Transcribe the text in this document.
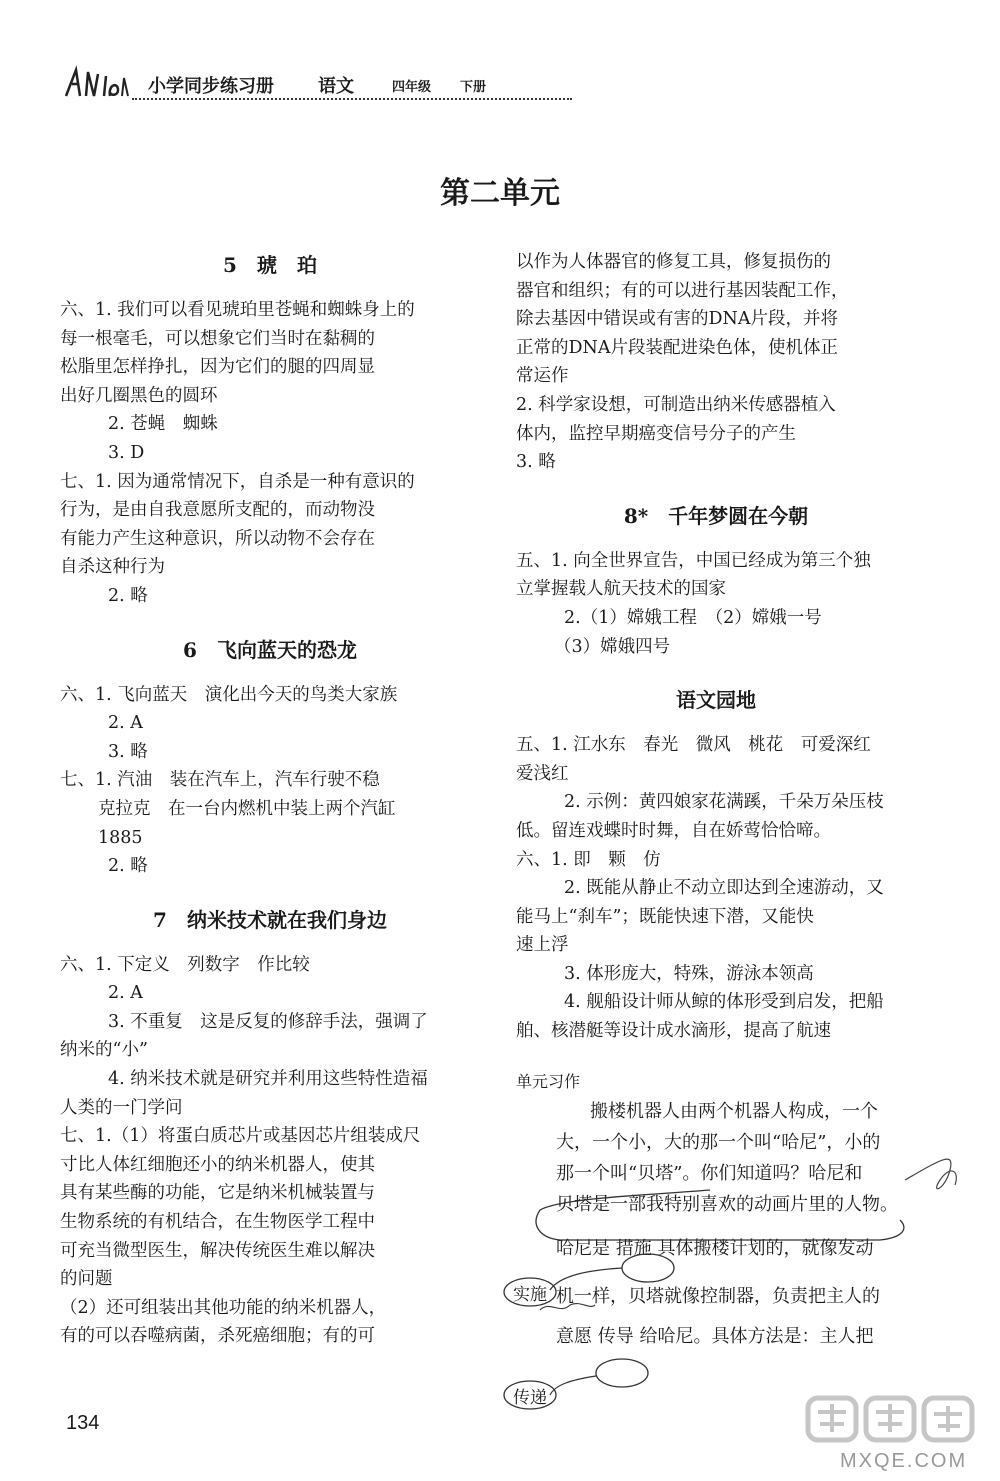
小学同步练习册 语文	四年级 下册
第二单元
5　琥　珀

六、1. 我们可以看见琥珀里苍蝇和蜘蛛身上的

每一根毫毛，可以想象它们当时在黏稠的

松脂里怎样挣扎，因为它们的腿的四周显

出好几圈黑色的圆环

2. 苍蝇　蜘蛛

3. D

七、1. 因为通常情况下，自杀是一种有意识的

行为，是由自我意愿所支配的，而动物没

有能力产生这种意识，所以动物不会存在

自杀这种行为

2. 略

6　飞向蓝天的恐龙

六、1. 飞向蓝天　演化出今天的鸟类大家族

2. A

3. 略

七、1. 汽油　装在汽车上，汽车行驶不稳

克拉克　在一台内燃机中装上两个汽缸

1885

2. 略

7　纳米技术就在我们身边

六、1. 下定义　列数字　作比较

2. A

3. 不重复　这是反复的修辞手法，强调了

纳米的“小”

4. 纳米技术就是研究并利用这些特性造福

人类的一门学问

七、1.（1）将蛋白质芯片或基因芯片组装成尺

寸比人体红细胞还小的纳米机器人，使其

具有某些酶的功能，它是纳米机械装置与

生物系统的有机结合，在生物医学工程中

可充当微型医生，解决传统医生难以解决

的问题

（2）还可组装出其他功能的纳米机器人，

有的可以吞噬病菌，杀死癌细胞；有的可

以作为人体器官的修复工具，修复损伤的

器官和组织；有的可以进行基因装配工作，

除去基因中错误或有害的DNA片段，并将

正常的DNA片段装配进染色体，使机体正

常运作

2. 科学家设想，可制造出纳米传感器植入

体内，监控早期癌变信号分子的产生

3. 略

8*　千年梦圆在今朝

五、1. 向全世界宣告，中国已经成为第三个独

立掌握载人航天技术的国家

2.（1）嫦娥工程　（2）嫦娥一号

（3）嫦娥四号

语文园地

五、1. 江水东　春光　微风　桃花　可爱深红

爱浅红

2. 示例：黄四娘家花满蹊，千朵万朵压枝

低。留连戏蝶时时舞，自在娇莺恰恰啼。

六、1. 即　颗　仿

2. 既能从静止不动立即达到全速游动，又

能马上“刹车”；既能快速下潜，又能快

速上浮

3. 体形庞大，特殊，游泳本领高

4. 舰船设计师从鲸的体形受到启发，把船

舶、核潜艇等设计成水滴形，提高了航速

单元习作

搬楼机器人由两个机器人构成，一个

大，一个小，大的那一个叫“哈尼”，小的

那一个叫“贝塔”。你们知道吗？哈尼和

贝塔是一部我特别喜欢的动画片里的人物。

哈尼是 措施 具体搬楼计划的，就像发动

机一样，贝塔就像控制器，负责把主人的

意愿 传导 给哈尼。具体方法是：主人把

实施
传递
134
MXQE.COM
